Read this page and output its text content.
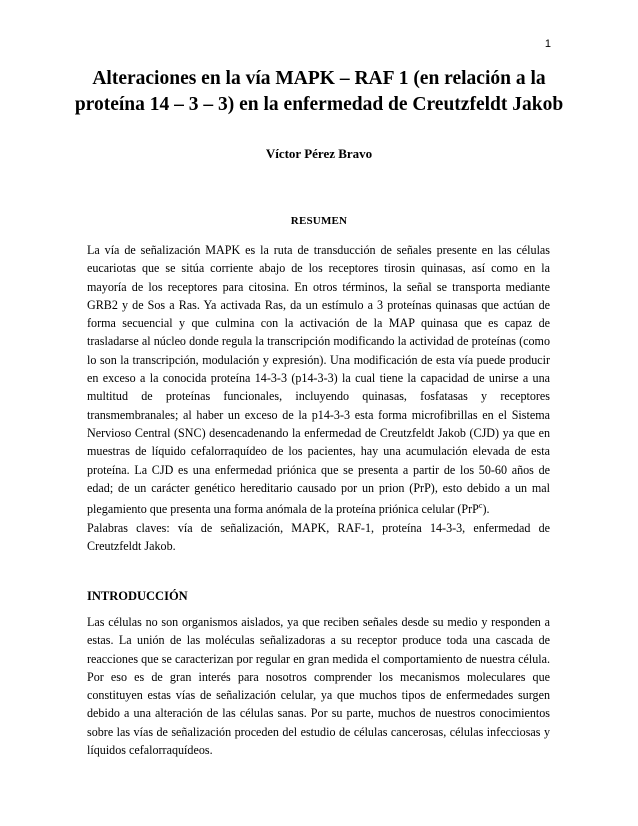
1
Alteraciones en la vía MAPK – RAF 1 (en relación a la proteína 14 – 3 – 3) en la enfermedad de Creutzfeldt Jakob
Víctor Pérez Bravo
RESUMEN
La vía de señalización MAPK es la ruta de transducción de señales presente en las células eucariotas que se sitúa corriente abajo de los receptores tirosin quinasas, así como en la mayoría de los receptores para citosina. En otros términos, la señal se transporta mediante GRB2 y de Sos a Ras. Ya activada Ras, da un estímulo a 3 proteínas quinasas que actúan de forma secuencial y que culmina con la activación de la MAP quinasa que es capaz de trasladarse al núcleo donde regula la transcripción modificando la actividad de proteínas (como lo son la transcripción, modulación y expresión). Una modificación de esta vía puede producir en exceso a la conocida proteína 14-3-3 (p14-3-3) la cual tiene la capacidad de unirse a una multitud de proteínas funcionales, incluyendo quinasas, fosfatasas y receptores transmembranales; al haber un exceso de la p14-3-3 esta forma microfibrillas en el Sistema Nervioso Central (SNC) desencadenando la enfermedad de Creutzfeldt Jakob (CJD) ya que en muestras de líquido cefalorraquídeo de los pacientes, hay una acumulación elevada de esta proteína. La CJD es una enfermedad priónica que se presenta a partir de los 50-60 años de edad; de un carácter genético hereditario causado por un prion (PrP), esto debido a un mal plegamiento que presenta una forma anómala de la proteína priónica celular (PrP$^c$).
Palabras claves: vía de señalización, MAPK, RAF-1, proteína 14-3-3, enfermedad de Creutzfeldt Jakob.
INTRODUCCIÓN
Las células no son organismos aislados, ya que reciben señales desde su medio y responden a estas. La unión de las moléculas señalizadoras a su receptor produce toda una cascada de reacciones que se caracterizan por regular en gran medida el comportamiento de nuestra célula. Por eso es de gran interés para nosotros comprender los mecanismos moleculares que constituyen estas vías de señalización celular, ya que muchos tipos de enfermedades surgen debido a una alteración de las células sanas. Por su parte, muchos de nuestros conocimientos sobre las vías de señalización proceden del estudio de células cancerosas, células infecciosas y líquidos cefalorraquídeos.
